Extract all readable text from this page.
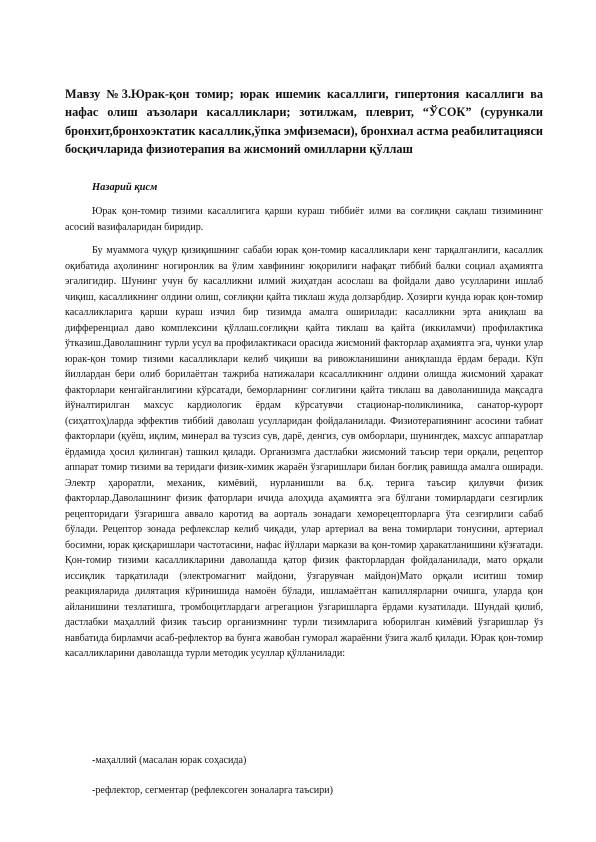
Мавзу №3.Юрак-қон томир; юрак ишемик касаллиги, гипертония касаллиги ва нафас олиш аъзолари касалликлари; зотилжам, плеврит, “ЎСОК” (сурункали бронхит,бронхоэктатик касаллик,ўпка эмфиземаси), бронхиал астма реабилитацияси босқичларида физиотерапия ва жисмоний омилларни қўллаш
Назарий қисм

Юрак қон-томир тизими касаллигига қарши кураш тиббиёт илми ва соғлиқни сақлаш тизимининг асосий вазифаларидан биридир.

Бу муаммога чуқур қизиқишнинг сабаби юрак қон-томир касалликлари кенг тарқалганлиги, касаллик оқибатида аҳолининг ногиронлик ва ўлим хавфининг юқорилиги нафақат тиббий балки социал аҳамиятга эгалигидир. Шунинг учун бу касалликни илмий жиҳатдан асослаш ва фойдали даво усулларини ишлаб чиқиш, касалликнинг олдини олиш, соғлиқни қайта тиклаш жуда долзарбдир. Ҳозирги кунда юрак қон-томир касалликларига қарши кураш изчил бир тизимда амалга оширилади: касалликни эрта аниқлаш ва дифференциал даво комплексини қўллаш.соғлиқни қайта тиклаш ва қайта (иккиламчи) профилактика ўтказиш.Даволашнинг турли усул ва профилактикаси орасида жисмоний факторлар аҳамиятга эга, чунки улар юрак-қон томир тизими касалликлари келиб чиқиши ва ривожланишини аниқлашда ёрдам беради. Кўп йиллардан бери олиб борилаётган тажриба натижалари ксасалликнинг олдини олишда жисмоний ҳаракат факторлари кенгайганлигини кўрсатади, беморларнинг соғлигини қайта тиклаш ва даволанишида мақсадга йўналтирилган махсус кардиологик ёрдам кўрсатувчи стационар-поликлиника, санатор-курорт (сиҳатгоҳ)ларда эффектив тиббий даволаш усулларидан фойдаланилади. Физиотерапиянинг асосини табиат факторлари (қуёш, иқлим, минерал ва тузсиз сув, дарё, денгиз, сув омборлари, шунингдек, махсус аппаратлар ёрдамида ҳосил қилинган) ташкил қилади. Организмга дастлабки жисмоний таъсир тери орқали, рецептор аппарат томир тизими ва теридаги физик-химик жараён ўзгаришлари билан боғлиқ равишда амалга оширади. Электр ҳароратли, механик, кимёвий, нурланишли ва б.қ. терига таъсир қилувчи физик факторлар.Даволашнинг физик фаторлари ичида алоҳида аҳамиятга эга бўлгани томирлардаги сезгирлик рецепторидаги ўзгаришга аввало каротид ва аорталь зонадаги хеморецепторларга ўта сезгирлиги сабаб бўлади. Рецептор зонада рефлекслар келиб чиқади, улар артериал ва вена томирлари тонусини, артериал босимни, юрак қисқаришлари частотасини, нафас йўллари маркази ва қон-томир ҳаракатланишини кўзғатади. Қон-томир тизими касалликларини даволашда қатор физик факторлардан фойдаланилади, мато орқали иссиқлик тарқатилади (электромагнит майдони, ўзгарувчан майдон)Мато орқали иситиш томир реакцияларида дилятация кўринишида намоён бўлади, ишламаётган капиллярларни очишга, уларда қон айланишини тезлатишга, тромбоцитлардаги агрегацион ўзгаришларга ёрдами кузатилади. Шундай қилиб, дастлабки маҳаллий физик таъсир организмнинг турли тизимларига юборилган кимёвий ўзгаришлар ўз навбатида бирламчи асаб-рефлектор ва бунга жавобан гуморал жараённи ўзига жалб қилади. Юрак қон-томир касалликларини даволашда турли методик усуллар қўлланилади:

-маҳаллий (масалан юрак соҳасида)

-рефлектор, сегментар (рефлексоген зоналарга таъсири)
